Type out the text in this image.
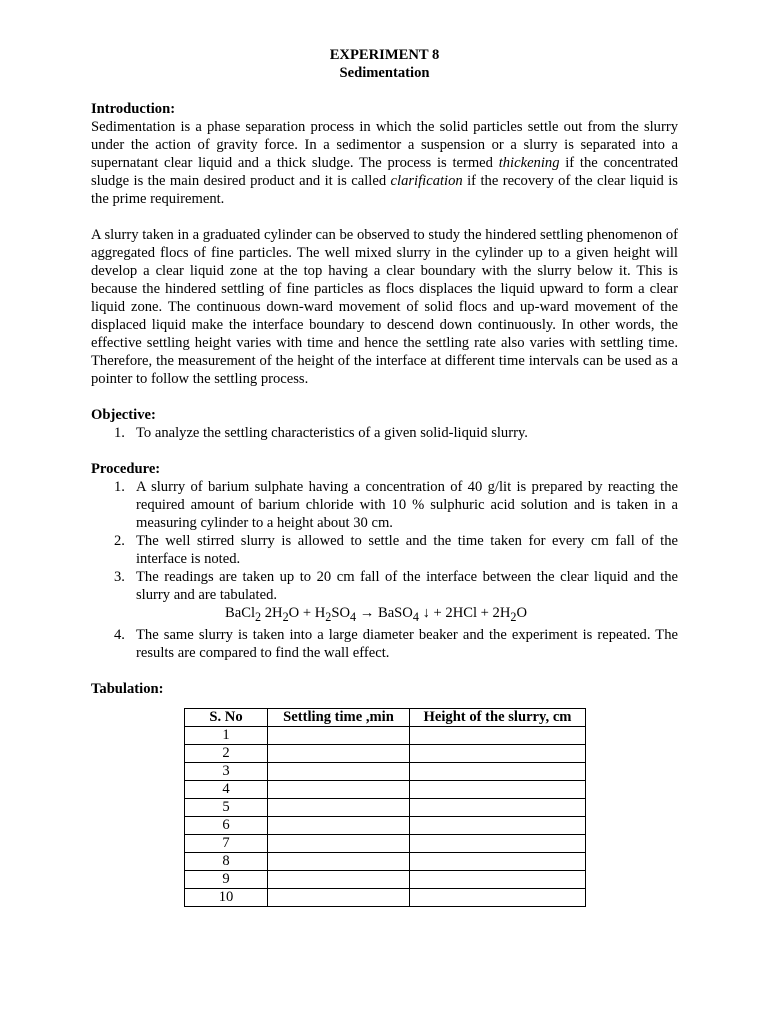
EXPERIMENT 8
Sedimentation
Introduction:
Sedimentation is a phase separation process in which the solid particles settle out from the slurry under the action of gravity force. In a sedimentor a suspension or a slurry is separated into a supernatant clear liquid and a thick sludge. The process is termed thickening if the concentrated sludge is the main desired product and it is called clarification if the recovery of the clear liquid is the prime requirement.
A slurry taken in a graduated cylinder can be observed to study the hindered settling phenomenon of aggregated flocs of fine particles. The well mixed slurry in the cylinder up to a given height will develop a clear liquid zone at the top having a clear boundary with the slurry below it. This is because the hindered settling of fine particles as flocs displaces the liquid upward to form a clear liquid zone. The continuous down-ward movement of solid flocs and up-ward movement of the displaced liquid make the interface boundary to descend down continuously. In other words, the effective settling height varies with time and hence the settling rate also varies with settling time. Therefore, the measurement of the height of the interface at different time intervals can be used as a pointer to follow the settling process.
Objective:
1. To analyze the settling characteristics of a given solid-liquid slurry.
Procedure:
1. A slurry of barium sulphate having a concentration of 40 g/lit is prepared by reacting the required amount of barium chloride with 10 % sulphuric acid solution and is taken in a measuring cylinder to a height about 30 cm.
2. The well stirred slurry is allowed to settle and the time taken for every cm fall of the interface is noted.
3. The readings are taken up to 20 cm fall of the interface between the clear liquid and the slurry and are tabulated.
BaCl$_2$ $2H_2O + H_2SO_4$ → BaSO$_4$ ↓ + $2HCl + 2H_2O$
4. The same slurry is taken into a large diameter beaker and the experiment is repeated. The results are compared to find the wall effect.
Tabulation:
S. No	Settling time ,min	Height of the slurry, cm
1		
2		
3		
4		
5		
6		
7		
8		
9		
10		
